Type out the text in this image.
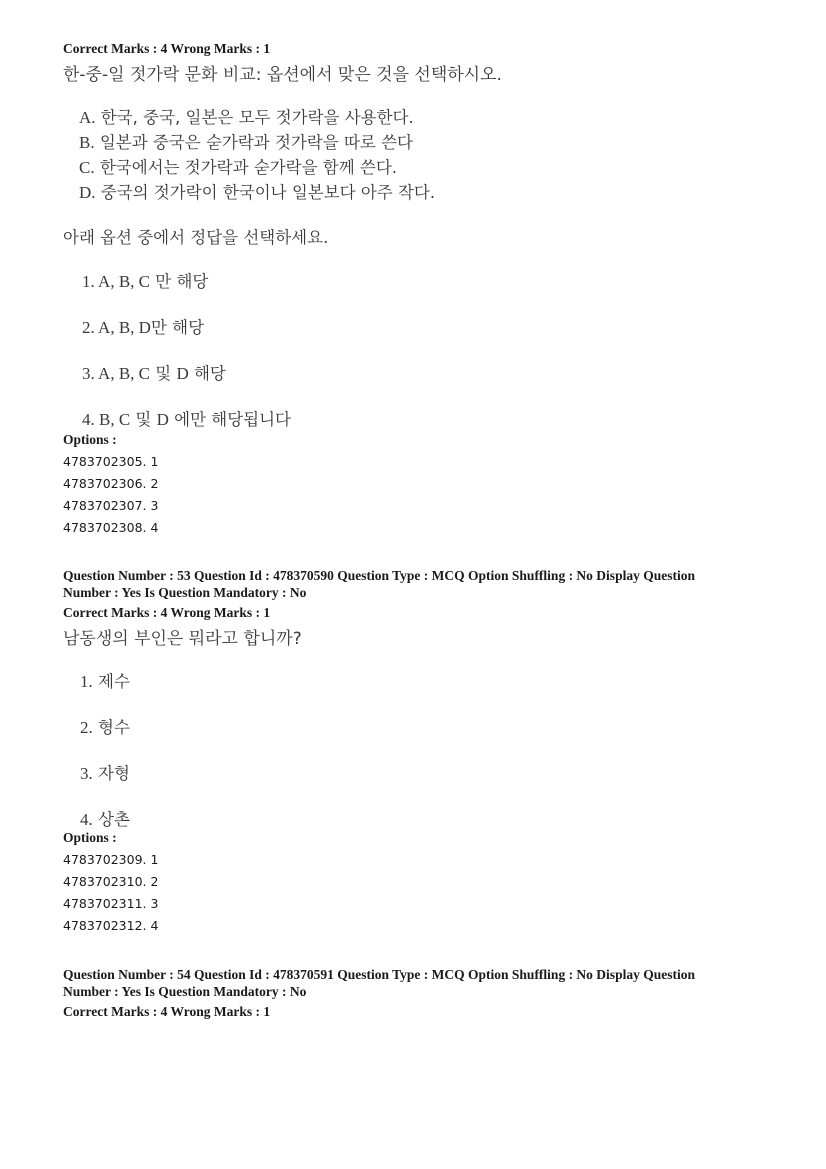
Correct Marks : 4 Wrong Marks : 1
한-중-일 젓가락 문화 비교: 옵션에서 맞은 것을 선택하시오.
A. 한국, 중국, 일본은 모두 젓가락을 사용한다.
B. 일본과 중국은 숟가락과 젓가락을 따로 쓴다
C. 한국에서는 젓가락과 숟가락을 함께 쓴다.
D. 중국의 젓가락이 한국이나 일본보다 아주 작다.
아래 옵션 중에서 정답을 선택하세요.
1. A, B, C 만 해당
2. A, B, D만 해당
3. A, B, C 및 D 해당
4. B, C 및 D 에만 해당됩니다
Options :
4783702305. 1
4783702306. 2
4783702307. 3
4783702308. 4
Question Number : 53 Question Id : 478370590 Question Type : MCQ Option Shuffling : No Display Question
Number : Yes Is Question Mandatory : No
Correct Marks : 4 Wrong Marks : 1
남동생의 부인은 뭐라고 합니까?
1. 제수
2. 형수
3. 자형
4. 상촌
Options :
4783702309. 1
4783702310. 2
4783702311. 3
4783702312. 4
Question Number : 54 Question Id : 478370591 Question Type : MCQ Option Shuffling : No Display Question
Number : Yes Is Question Mandatory : No
Correct Marks : 4 Wrong Marks : 1
